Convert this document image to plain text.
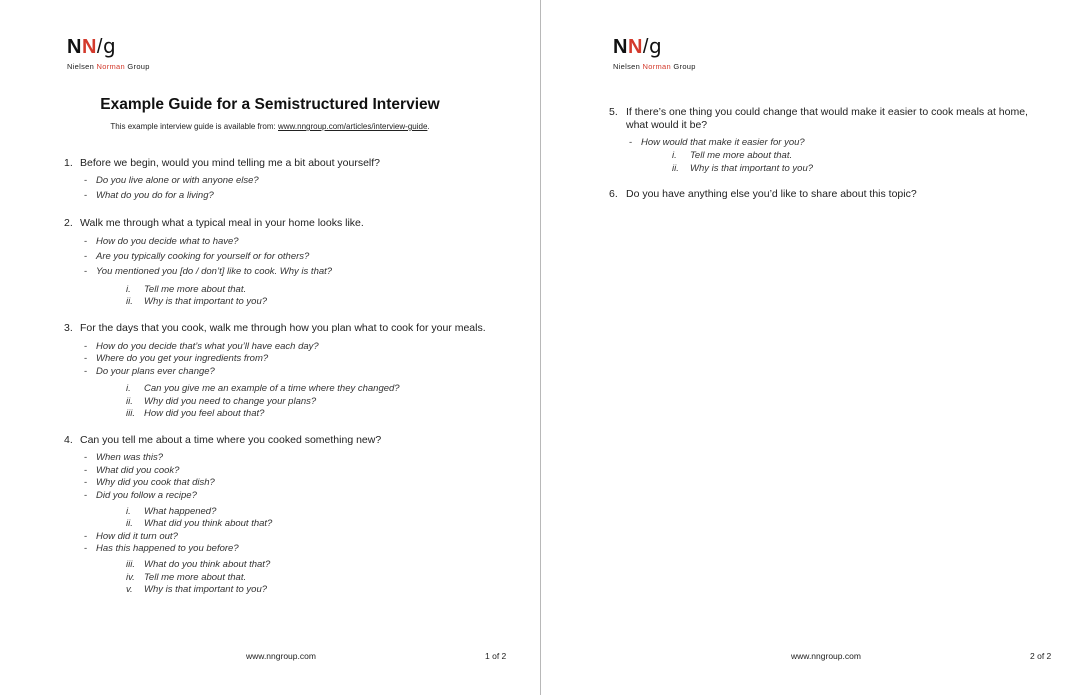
NN/g
Nielsen Norman Group
Example Guide for a Semistructured Interview

This example interview guide is available from: www.nngroup.com/articles/interview-guide.

1. Before we begin, would you mind telling me a bit about yourself?
- Do you live alone or with anyone else?
- What do you do for a living?
2. Walk me through what a typical meal in your home looks like.
- How do you decide what to have?
- Are you typically cooking for yourself or for others?
- You mentioned you [do / don’t] like to cook. Why is that?
i. Tell me more about that.
ii. Why is that important to you?
3. For the days that you cook, walk me through how you plan what to cook for your meals.
- How do you decide that’s what you’ll have each day?
- Where do you get your ingredients from?
- Do your plans ever change?
i. Can you give me an example of a time where they changed?
ii. Why did you need to change your plans?
iii. How did you feel about that?
4. Can you tell me about a time where you cooked something new?
- When was this?
- What did you cook?
- Why did you cook that dish?
- Did you follow a recipe?
i. What happened?
ii. What did you think about that?
- How did it turn out?
- Has this happened to you before?
iii. What do you think about that?
iv. Tell me more about that.
v. Why is that important to you?
www.nngroup.com	1 of 2
NN/g
Nielsen Norman Group
5. If there’s one thing you could change that would make it easier to cook meals at home, what would it be?
- How would that make it easier for you?
i. Tell me more about that.
ii. Why is that important to you?
6. Do you have anything else you’d like to share about this topic?
www.nngroup.com	2 of 2
